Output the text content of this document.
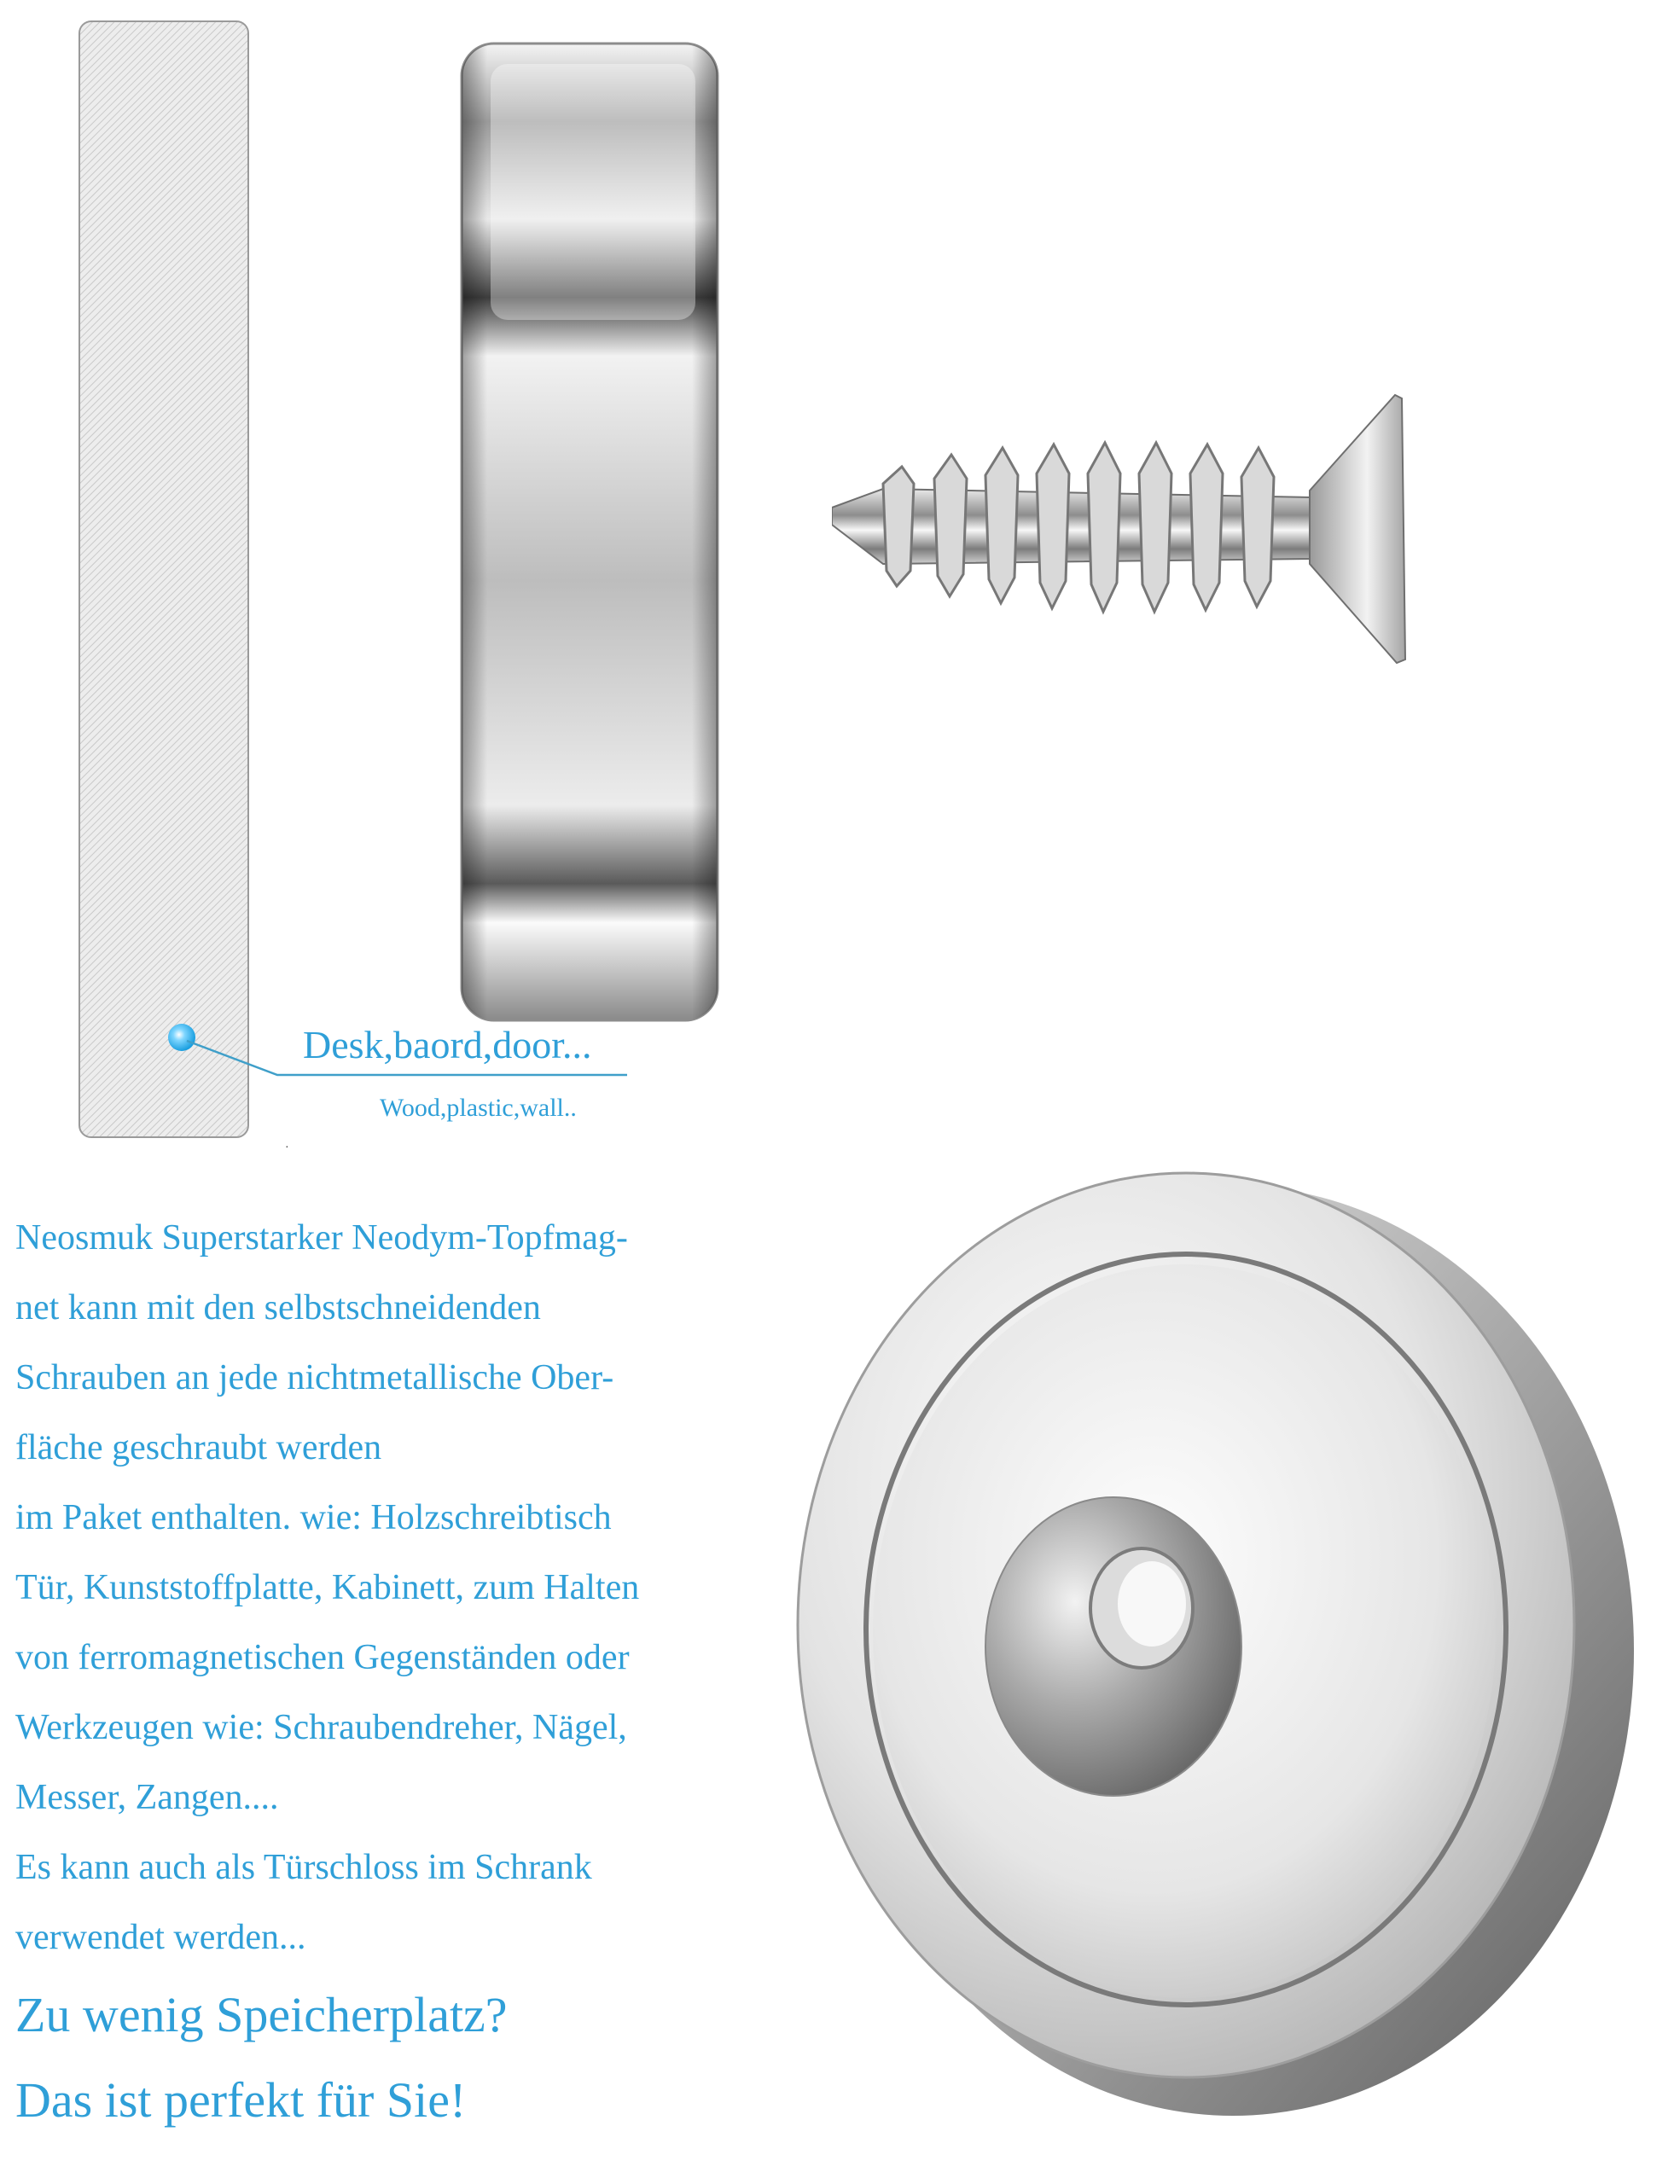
Desk,baord,door...
Wood,plastic,wall..
·
Neosmuk Superstarker Neodym-Topfmag-
net kann mit den selbstschneidenden
Schrauben an jede nichtmetallische Ober-
fläche geschraubt werden
im Paket enthalten. wie: Holzschreibtisch
Tür, Kunststoffplatte, Kabinett, zum Halten
von ferromagnetischen Gegenständen oder
Werkzeugen wie: Schraubendreher, Nägel,
Messer, Zangen....
Es kann auch als Türschloss im Schrank
verwendet werden...
Zu wenig Speicherplatz?
Das ist perfekt für Sie!
